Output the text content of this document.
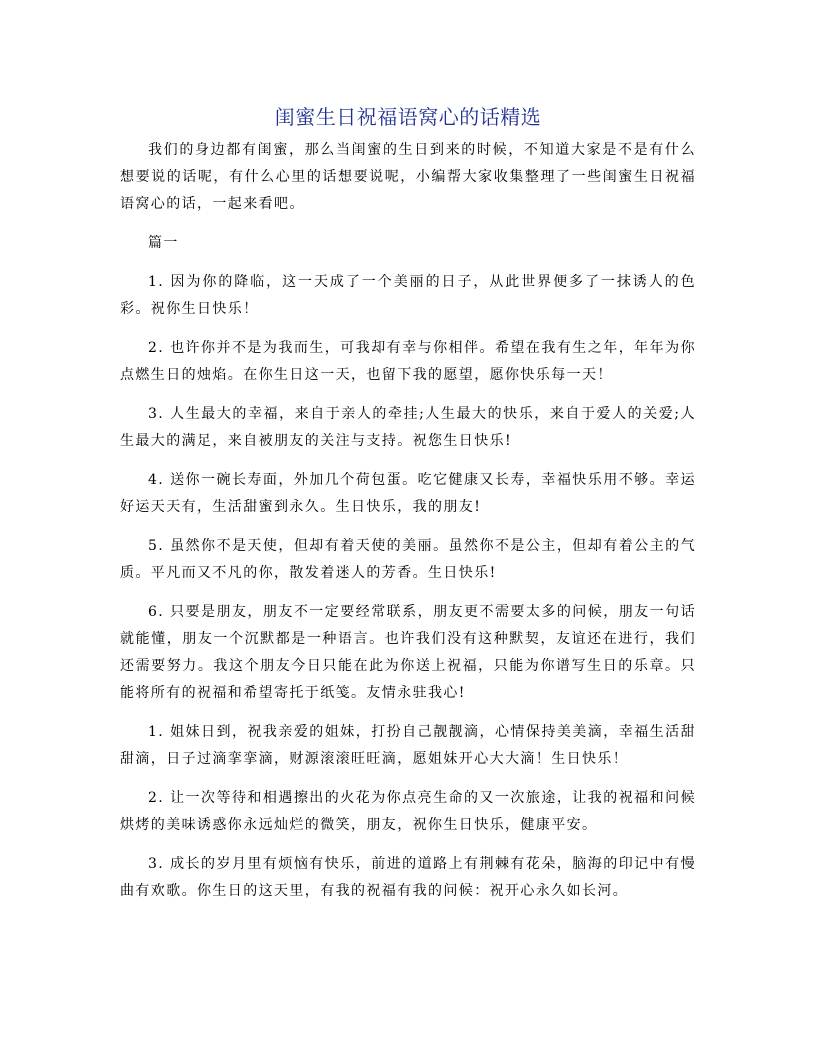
闺蜜生日祝福语窝心的话精选

我们的身边都有闺蜜，那么当闺蜜的生日到来的时候，不知道大家是不是有什么想要说的话呢，有什么心里的话想要说呢，小编帮大家收集整理了一些闺蜜生日祝福语窝心的话，一起来看吧。

篇一

1. 因为你的降临，这一天成了一个美丽的日子，从此世界便多了一抹诱人的色彩。祝你生日快乐！

2. 也许你并不是为我而生，可我却有幸与你相伴。希望在我有生之年，年年为你点燃生日的烛焰。在你生日这一天，也留下我的愿望，愿你快乐每一天！

3. 人生最大的幸福，来自于亲人的牵挂;人生最大的快乐，来自于爱人的关爱;人生最大的满足，来自被朋友的关注与支持。祝您生日快乐!

4. 送你一碗长寿面，外加几个荷包蛋。吃它健康又长寿，幸福快乐用不够。幸运好运天天有，生活甜蜜到永久。生日快乐，我的朋友!

5. 虽然你不是天使，但却有着天使的美丽。虽然你不是公主，但却有着公主的气质。平凡而又不凡的你，散发着迷人的芳香。生日快乐!

6. 只要是朋友，朋友不一定要经常联系，朋友更不需要太多的问候，朋友一句话就能懂，朋友一个沉默都是一种语言。也许我们没有这种默契，友谊还在进行，我们还需要努力。我这个朋友今日只能在此为你送上祝福，只能为你谱写生日的乐章。只能将所有的祝福和希望寄托于纸笺。友情永驻我心!

1. 姐妹日到，祝我亲爱的姐妹，打扮自己靓靓滴，心情保持美美滴，幸福生活甜甜滴，日子过滴挛挛滴，财源滚滚旺旺滴，愿姐妹开心大大滴！生日快乐！

2. 让一次等待和相遇擦出的火花为你点亮生命的又一次旅途，让我的祝福和问候烘烤的美味诱惑你永远灿烂的微笑，朋友，祝你生日快乐，健康平安。

3. 成长的岁月里有烦恼有快乐，前进的道路上有荆棘有花朵，脑海的印记中有慢曲有欢歌。你生日的这天里，有我的祝福有我的问候：祝开心永久如长河。
